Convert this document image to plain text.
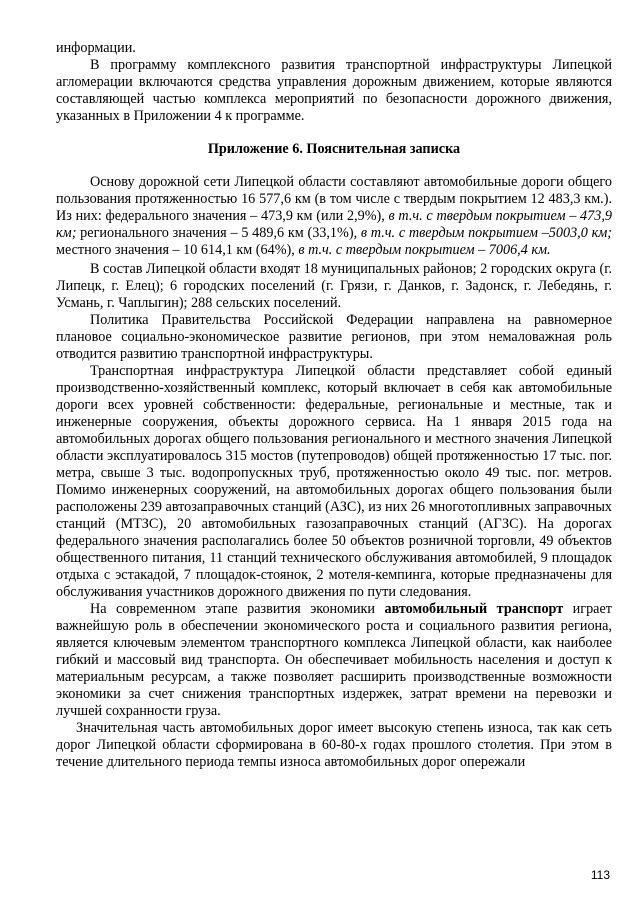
информации.

В программу комплексного развития транспортной инфраструктуры Липецкой агломерации включаются средства управления дорожным движением, которые являются составляющей частью комплекса мероприятий по безопасности дорожного движения, указанных в Приложении 4 к программе.

Приложение 6. Пояснительная записка

Основу дорожной сети Липецкой области составляют автомобильные дороги общего пользования протяженностью 16 577,6 км (в том числе с твердым покрытием 12 483,3 км.). Из них: федерального значения – 473,9 км (или 2,9%), в т.ч. с твердым покрытием – 473,9 км; регионального значения – 5 489,6 км (33,1%), в т.ч. с твердым покрытием –5003,0 км; местного значения – 10 614,1 км (64%), в т.ч. с твердым покрытием – 7006,4 км.

В состав Липецкой области входят 18 муниципальных районов; 2 городских округа (г. Липецк, г. Елец); 6 городских поселений (г. Грязи, г. Данков, г. Задонск, г. Лебедянь, г. Усмань, г. Чаплыгин); 288 сельских поселений.

Политика Правительства Российской Федерации направлена на равномерное плановое социально-экономическое развитие регионов, при этом немаловажная роль отводится развитию транспортной инфраструктуры.

Транспортная инфраструктура Липецкой области представляет собой единый производственно-хозяйственный комплекс, который включает в себя как автомобильные дороги всех уровней собственности: федеральные, региональные и местные, так и инженерные сооружения, объекты дорожного сервиса. На 1 января 2015 года на автомобильных дорогах общего пользования регионального и местного значения Липецкой области эксплуатировалось 315 мостов (путепроводов) общей протяженностью 17 тыс. пог. метра, свыше 3 тыс. водопропускных труб, протяженностью около 49 тыс. пог. метров. Помимо инженерных сооружений, на автомобильных дорогах общего пользования были расположены 239 автозаправочных станций (АЗС), из них 26 многотопливных заправочных станций (МТЗС), 20 автомобильных газозаправочных станций (АГЗС). На дорогах федерального значения располагались более 50 объектов розничной торговли, 49 объектов общественного питания, 11 станций технического обслуживания автомобилей, 9 площадок отдыха с эстакадой, 7 площадок-стоянок, 2 мотеля-кемпинга, которые предназначены для обслуживания участников дорожного движения по пути следования.

На современном этапе развития экономики автомобильный транспорт играет важнейшую роль в обеспечении экономического роста и социального развития региона, является ключевым элементом транспортного комплекса Липецкой области, как наиболее гибкий и массовый вид транспорта. Он обеспечивает мобильность населения и доступ к материальным ресурсам, а также позволяет расширить производственные возможности экономики за счет снижения транспортных издержек, затрат времени на перевозки и лучшей сохранности груза.

Значительная часть автомобильных дорог имеет высокую степень износа, так как сеть дорог Липецкой области сформирована в 60-80-х годах прошлого столетия. При этом в течение длительного периода темпы износа автомобильных дорог опережали

113
